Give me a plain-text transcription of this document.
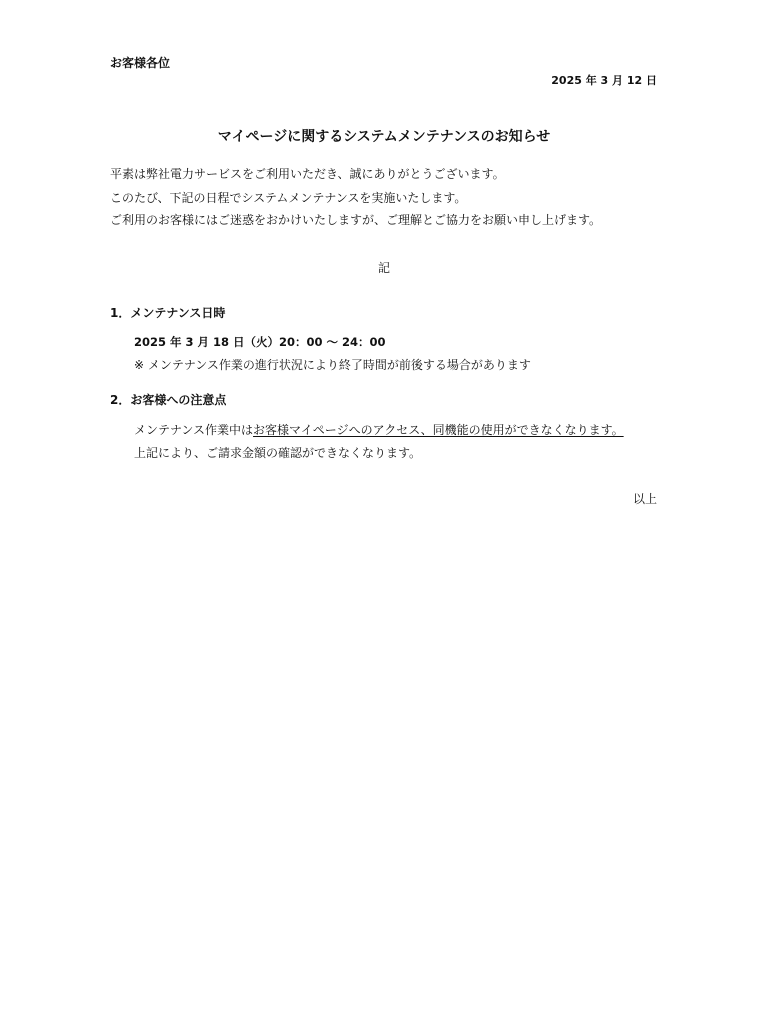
お客様各位
2025 年 3 月 12 日
マイページに関するシステムメンテナンスのお知らせ
平素は弊社電力サービスをご利用いただき、誠にありがとうございます。
このたび、下記の日程でシステムメンテナンスを実施いたします。
ご利用のお客様にはご迷惑をおかけいたしますが、ご理解とご協力をお願い申し上げます。
記
1．メンテナンス日時
2025 年 3 月 18 日（火）20：00 〜 24：00
※ メンテナンス作業の進行状況により終了時間が前後する場合があります
2．お客様への注意点
メンテナンス作業中はお客様マイページへのアクセス、同機能の使用ができなくなります。
上記により、ご請求金額の確認ができなくなります。
以上
